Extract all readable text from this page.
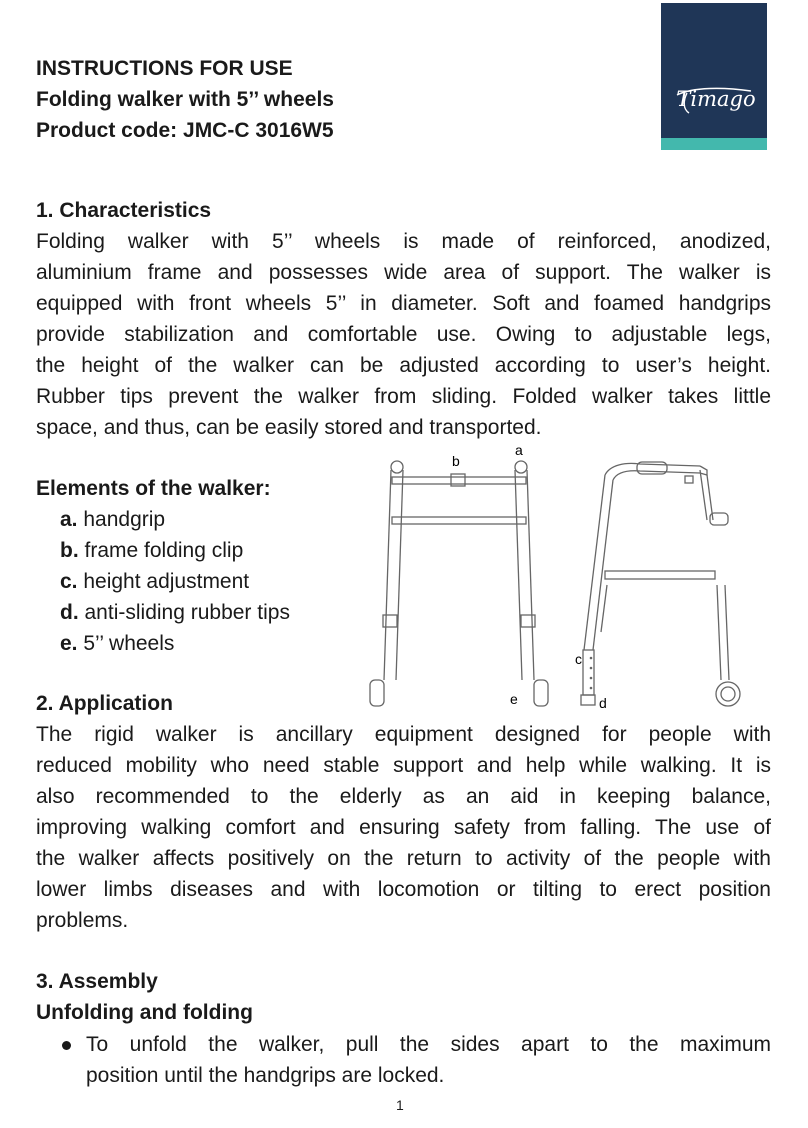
INSTRUCTIONS FOR USE
Folding walker with 5’’ wheels
Product code: JMC-C 3016W5
Timago
1. Characteristics
Folding walker with 5’’ wheels is made of reinforced, anodized,
aluminium frame and possesses wide area of support. The walker is
equipped with front wheels 5’’ in diameter. Soft and foamed handgrips
provide stabilization and comfortable use. Owing to adjustable legs,
the height of the walker can be adjusted according to user’s height.
Rubber tips prevent the walker from sliding. Folded walker takes little
space, and thus, can be easily stored and transported.
Elements of the walker:
a. handgrip
b. frame folding clip
c. height adjustment
d. anti-sliding rubber tips
e. 5’’ wheels
a
b
c
d
e
2. Application
The rigid walker is ancillary equipment designed for people with
reduced mobility who need stable support and help while walking. It is
also recommended to the elderly as an aid in keeping balance,
improving walking comfort and ensuring safety from falling. The use of
the walker affects positively on the return to activity of the people with
lower limbs diseases and with locomotion or tilting to erect position
problems.
3. Assembly
Unfolding and folding
To unfold the walker, pull the sides apart to the maximum
position until the handgrips are locked.
1
